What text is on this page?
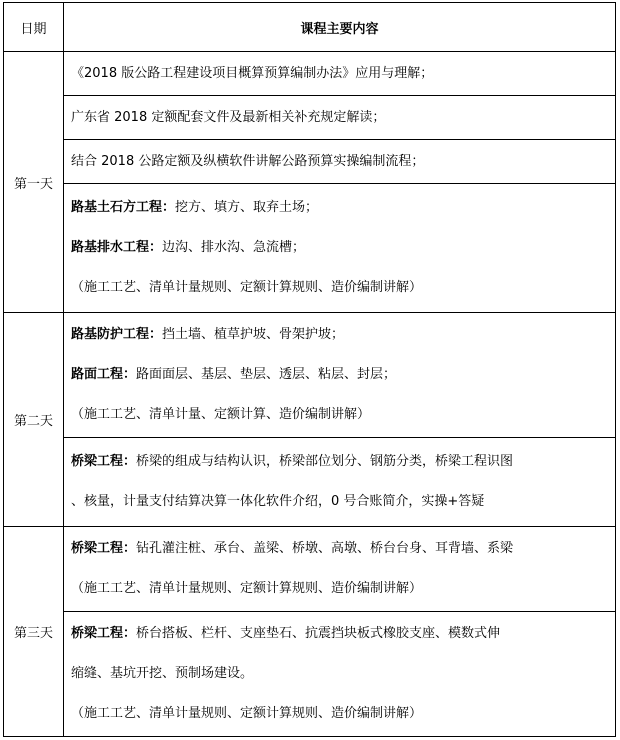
日期	课程主要内容
第一天	《2018 版公路工程建设项目概算预算编制办法》应用与理解；

	广东省 2018 定额配套文件及最新相关补充规定解读；

	结合 2018 公路定额及纵横软件讲解公路预算实操编制流程；

	路基土石方工程：挖方、填方、取弃土场；
路基排水工程：边沟、排水沟、急流槽；
（施工工艺、清单计量规则、定额计算规则、造价编制讲解）

第二天	路基防护工程：挡土墙、植草护坡、骨架护坡；
路面工程：路面面层、基层、垫层、透层、粘层、封层；
（施工工艺、清单计量、定额计算、造价编制讲解）

	桥梁工程：桥梁的组成与结构认识，桥梁部位划分、钢筋分类，桥梁工程识图
、核量，计量支付结算决算一体化软件介绍，0 号合账简介，实操+答疑

第三天	桥梁工程：钻孔灌注桩、承台、盖梁、桥墩、高墩、桥台台身、耳背墙、系梁
（施工工艺、清单计量规则、定额计算规则、造价编制讲解）

	桥梁工程：桥台搭板、栏杆、支座垫石、抗震挡块板式橡胶支座、模数式伸
缩缝、基坑开挖、预制场建设。
（施工工艺、清单计量规则、定额计算规则、造价编制讲解）
